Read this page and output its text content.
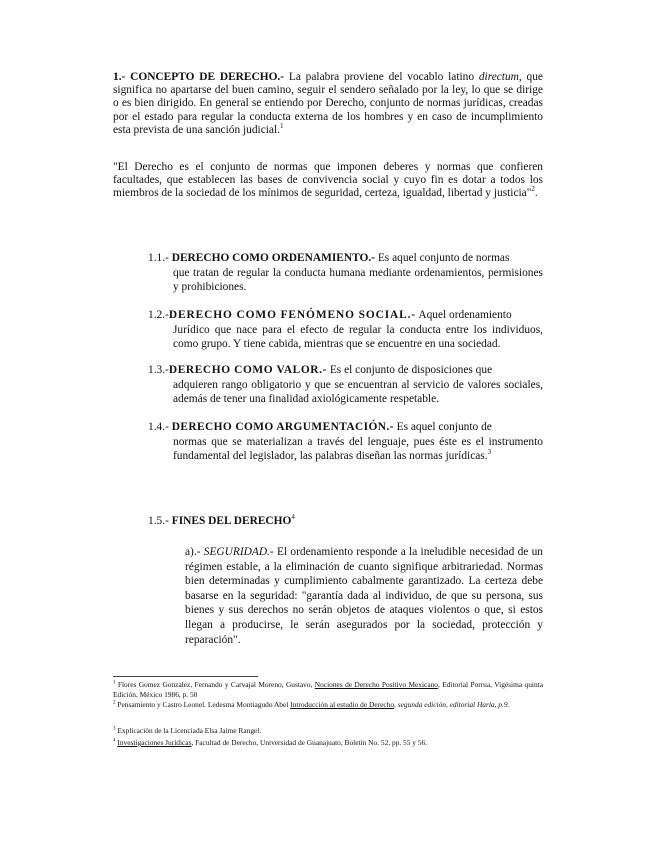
1.- CONCEPTO DE DERECHO.- La palabra proviene del vocablo latino directum, que significa no apartarse del buen camino, seguir el sendero señalado por la ley, lo que se dirige o es bien dirigido. En general se entiendo por Derecho, conjunto de normas jurídicas, creadas por el estado para regular la conducta externa de los hombres y en caso de incumplimiento esta prevista de una sanción judicial.$^1$

"El Derecho es el conjunto de normas que imponen deberes y normas que confieren facultades, que establecen las bases de convivencia social y cuyo fin es dotar a todos los miembros de la sociedad de los mínimos de seguridad, certeza, igualdad, libertad y justicia"$^2$.

1.1.- DERECHO COMO ORDENAMIENTO.- Es aquel conjunto de normas
que tratan de regular la conducta humana mediante ordenamientos, permisiones y prohibiciones.
1.2.-DERECHO COMO FENÓMENO SOCIAL.- Aquel ordenamiento
Jurídico que nace para el efecto de regular la conducta entre los individuos, como grupo. Y tiene cabida, mientras que se encuentre en una sociedad.
1.3.-DERECHO COMO VALOR.- Es el conjunto de disposiciones que
adquieren rango obligatorio y que se encuentran al servicio de valores sociales, además de tener una finalidad axiológicamente respetable.
1.4.- DERECHO COMO ARGUMENTACIÓN.- Es aquel conjunto de
normas que se materializan a través del lenguaje, pues éste es el instrumento fundamental del legislador, las palabras diseñan las normas jurídicas.$^3$
1.5.- FINES DEL DERECHO$^4$

a).- SEGURIDAD.- El ordenamiento responde a la ineludible necesidad de un régimen estable, a la eliminación de cuanto signifique arbitrariedad. Normas bien determinadas y cumplimiento cabalmente garantizado. La certeza debe basarse en la seguridad: "garantía dada al individuo, de que su persona, sus bienes y sus derechos no serán objetos de ataques violentos o que, si estos llegan a producirse, le serán asegurados por la sociedad, protección y reparación".

$^1$ Flores Gomez Gonzalez, Fernando y Carvajal Moreno, Gustavo, Nociones de Derecho Positivo Mexicano, Editorial Porrua, Vigésima quinta Edición, México 1986, p. 50

$^2$ Pensamiento y Castro Leonel. Ledesma Montiagudo Abel Introducción al estudio de Derecho, segunda edición, editorial Harla, p.9.

$^3$ Explicación de la Licenciada Elsa Jaime Rangel.

$^4$ Investigaciones Jurídicas, Facultad de Derecho, Universidad de Guanajuato, Boletín No. 52, pp. 55 y 56.
